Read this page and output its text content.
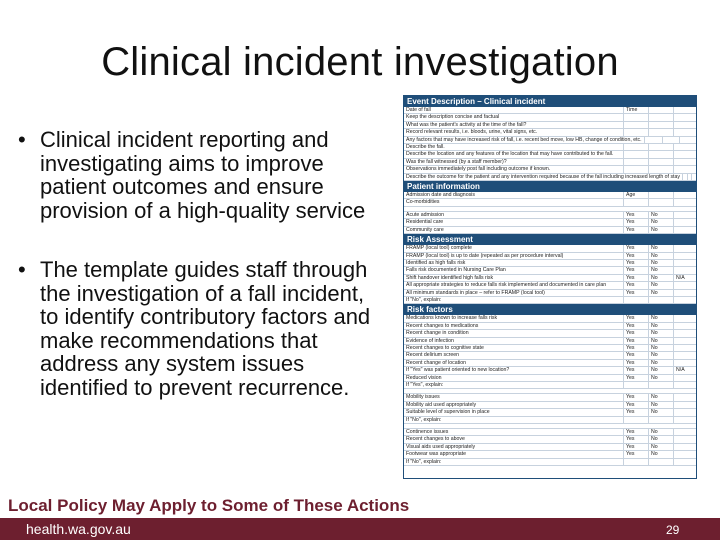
Clinical incident investigation
• Clinical incident reporting and investigating aims to improve patient outcomes and ensure provision of a high-quality service
• The template guides staff through the investigation of a fall incident, to identify contributory factors and make recommendations that address any system issues identified to prevent recurrence.
Event Description – Clinical incident
Date of fall	Time
Keep the description concise and factual
What was the patient's activity at the time of the fall?
Record relevant results, i.e. bloods, urine, vital signs, etc.
Any factors that may have increased risk of fall, i.e. recent bed move, low HB, change of condition, etc.
Describe the fall.
Describe the location and any features of the location that may have contributed to the fall.
Was the fall witnessed (by a staff member)?
Observations immediately post fall including outcome if known.
Describe the outcome for the patient and any intervention required because of the fall including increased length of stay
Patient information
Admission date and diagnosis	Age
Co-morbidities
Acute admission	Yes	No
Residential care	Yes	No
Community care	Yes	No
Risk Assessment
FRAMP (local tool) complete	Yes	No
FRAMP (local tool) is up to date (repeated as per procedure interval)	Yes	No
Identified as high falls risk	Yes	No
Falls risk documented in Nursing Care Plan	Yes	No
Shift handover identified high falls risk	Yes	No	N/A
All appropriate strategies to reduce falls risk implemented and documented in care plan	Yes	No
All minimum standards in place – refer to FRAMP (local tool)	Yes	No
If "No", explain:
Risk factors
Medications known to increase falls risk	Yes	No
Recent changes to medications	Yes	No
Recent change in condition	Yes	No
Evidence of infection	Yes	No
Recent changes to cognitive state	Yes	No
Recent delirium screen	Yes	No
Recent change of location	Yes	No
If "Yes" was patient oriented to new location?	Yes	No	N/A
Reduced vision	Yes	No
If "Yes", explain:
Mobility issues	Yes	No
Mobility aid used appropriately	Yes	No
Suitable level of supervision in place	Yes	No
If "No", explain:
Continence issues	Yes	No
Recent changes to above	Yes	No
Visual aids used appropriately	Yes	No
Footwear was appropriate	Yes	No
If "No", explain:
Local Policy May Apply to Some of These Actions
health.wa.gov.au	29
